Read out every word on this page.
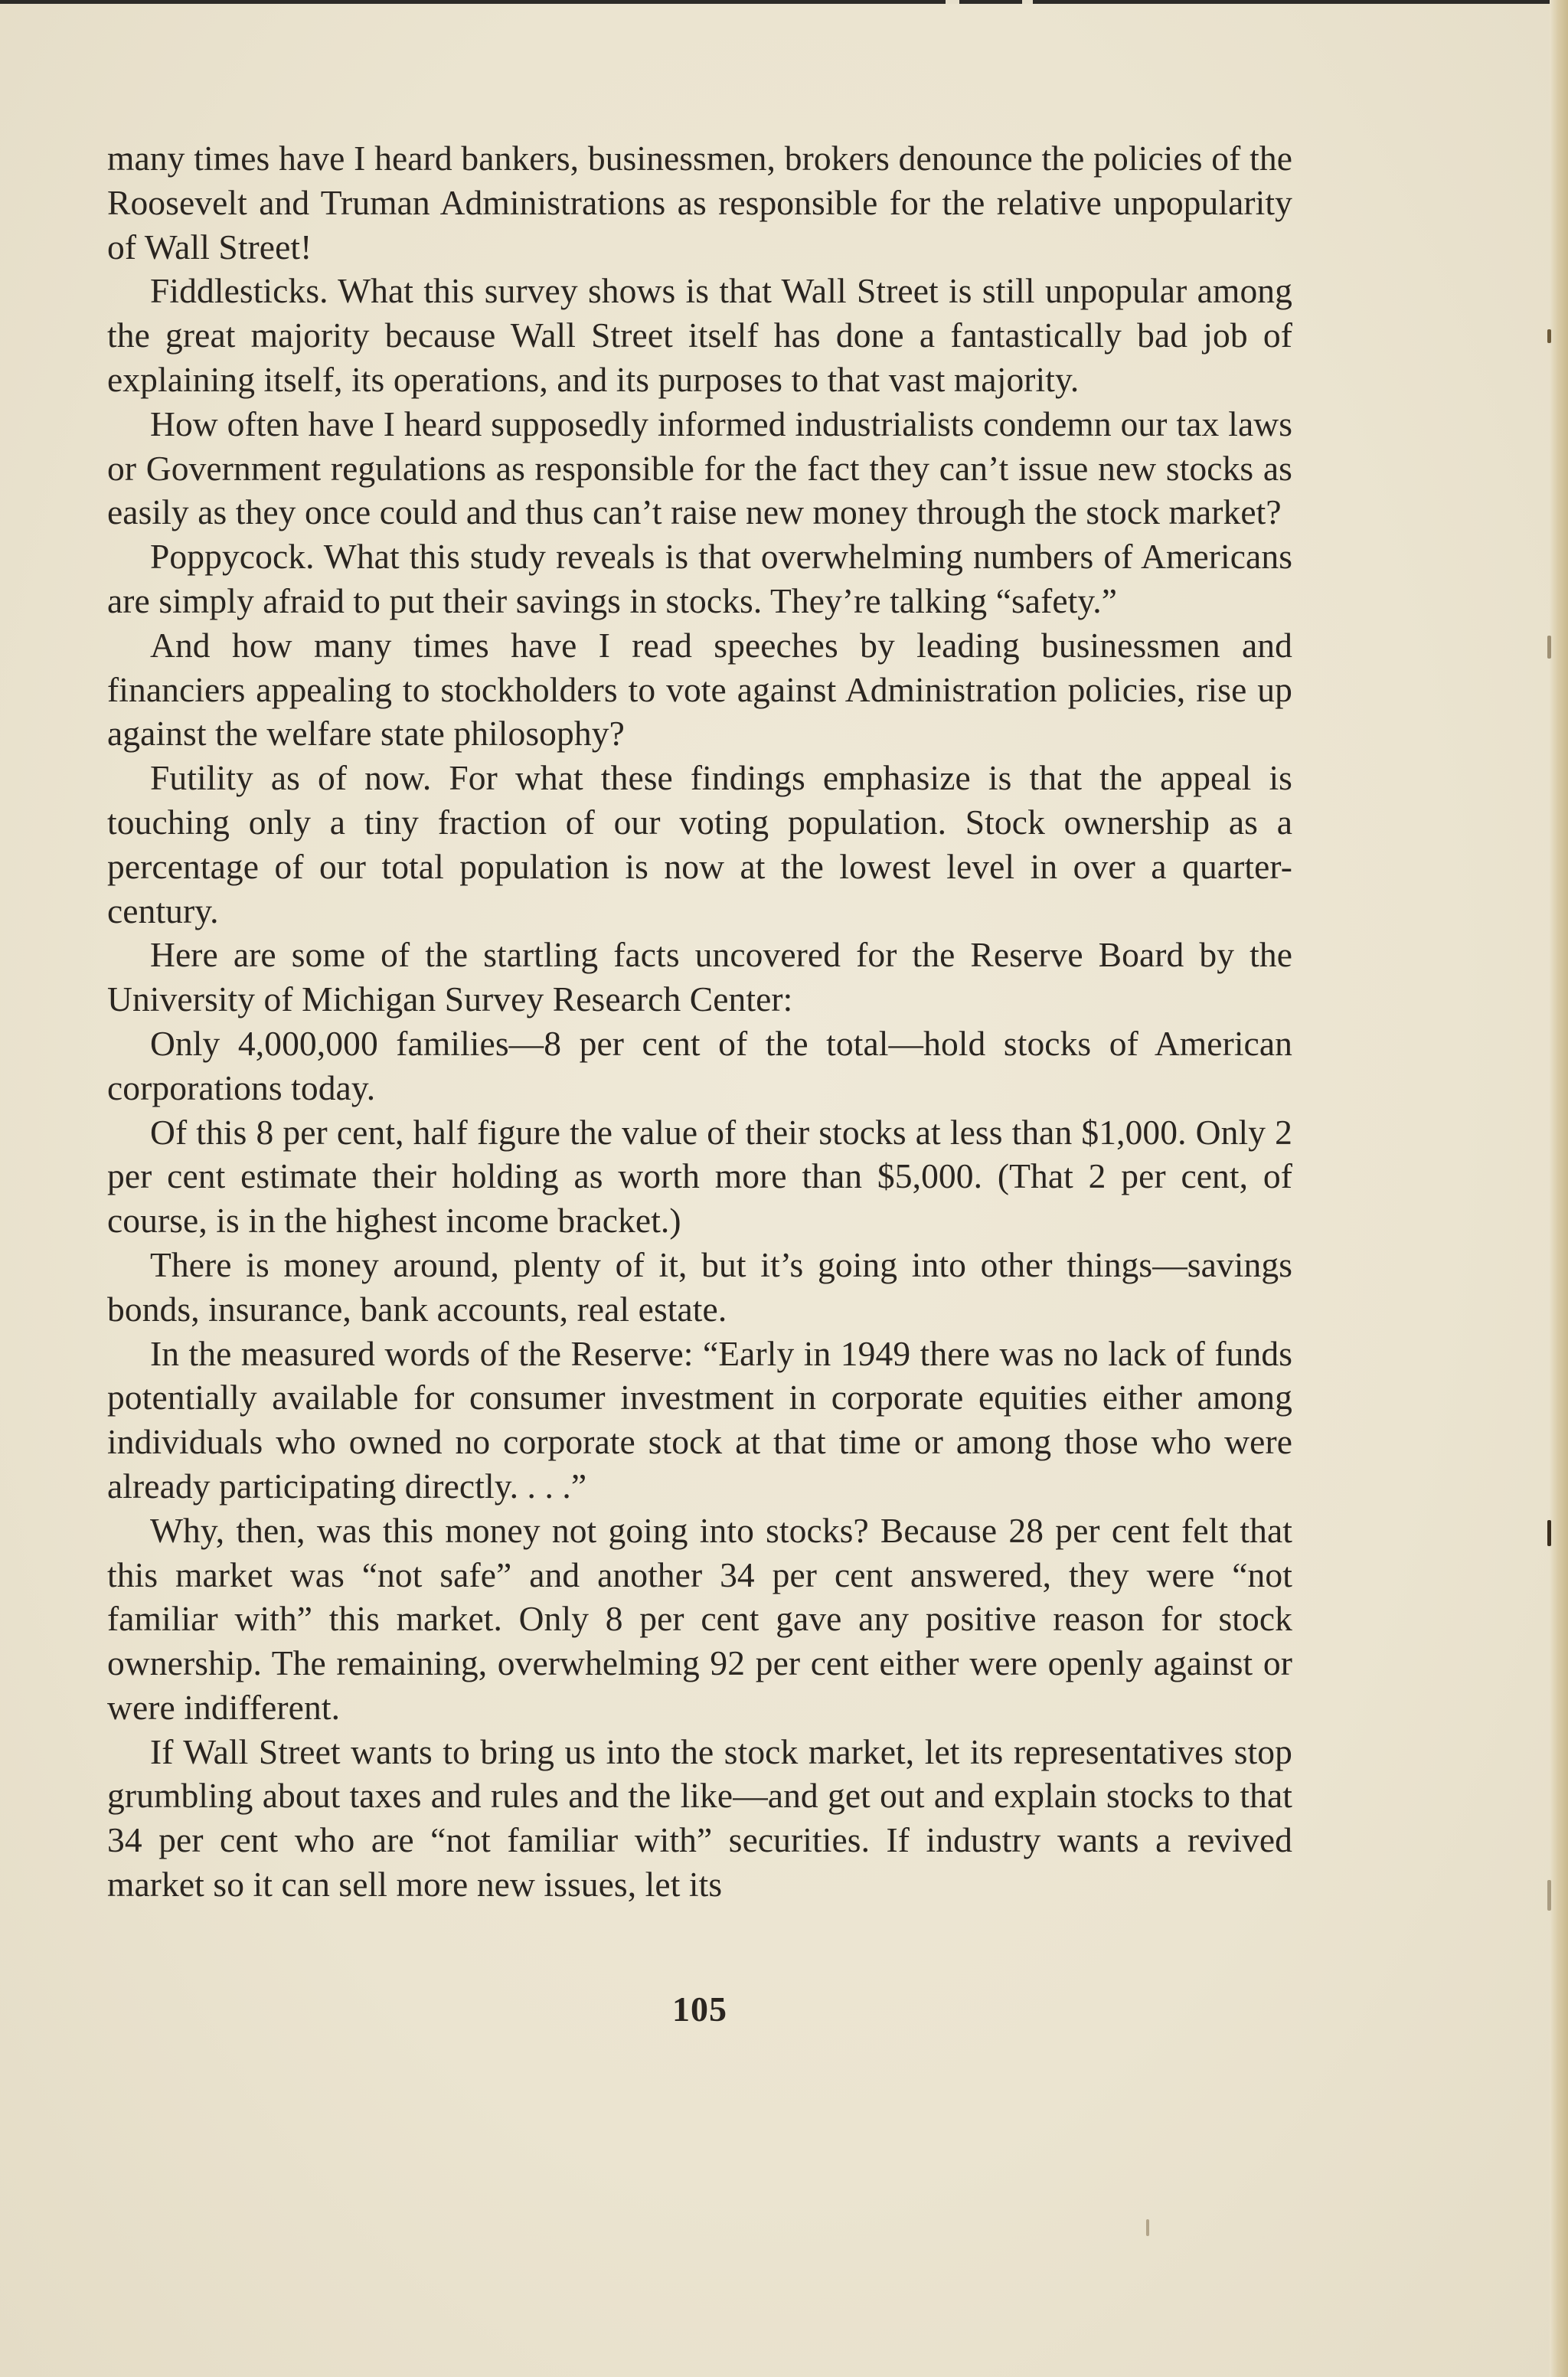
many times have I heard bankers, businessmen, brokers denounce the policies of the Roosevelt and Truman Administrations as responsible for the relative unpopularity of Wall Street!

Fiddlesticks. What this survey shows is that Wall Street is still unpopular among the great majority because Wall Street itself has done a fantastically bad job of explaining itself, its operations, and its purposes to that vast majority.

How often have I heard supposedly informed industrialists condemn our tax laws or Government regulations as responsible for the fact they can’t issue new stocks as easily as they once could and thus can’t raise new money through the stock market?

Poppycock. What this study reveals is that overwhelming numbers of Americans are simply afraid to put their savings in stocks. They’re talking “safety.”

And how many times have I read speeches by leading businessmen and financiers appealing to stockholders to vote against Administration policies, rise up against the welfare state philosophy?

Futility as of now. For what these findings emphasize is that the appeal is touching only a tiny fraction of our voting population. Stock ownership as a percentage of our total population is now at the lowest level in over a quarter-century.

Here are some of the startling facts uncovered for the Reserve Board by the University of Michigan Survey Research Center:

Only 4,000,000 families—8 per cent of the total—hold stocks of American corporations today.

Of this 8 per cent, half figure the value of their stocks at less than $1,000. Only 2 per cent estimate their holding as worth more than $5,000. (That 2 per cent, of course, is in the highest income bracket.)

There is money around, plenty of it, but it’s going into other things—savings bonds, insurance, bank accounts, real estate.

In the measured words of the Reserve: “Early in 1949 there was no lack of funds potentially available for consumer investment in corporate equities either among individuals who owned no corporate stock at that time or among those who were already participating directly. . . .”

Why, then, was this money not going into stocks? Because 28 per cent felt that this market was “not safe” and another 34 per cent answered, they were “not familiar with” this market. Only 8 per cent gave any positive reason for stock ownership. The remaining, overwhelming 92 per cent either were openly against or were indifferent.

If Wall Street wants to bring us into the stock market, let its representatives stop grumbling about taxes and rules and the like—and get out and explain stocks to that 34 per cent who are “not familiar with” securities. If industry wants a revived market so it can sell more new issues, let its

105
